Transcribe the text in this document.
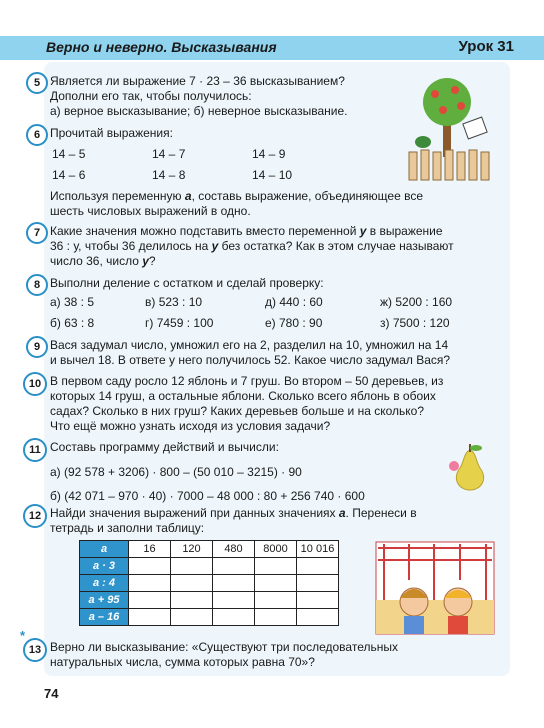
Верно и неверно. Высказывания	Урок 31
5 Является ли выражение 7 · 23 – 36 высказыванием?

Дополни его так, чтобы получилось:

а) верное высказывание; б) неверное высказывание.

6 Прочитай выражения:

14 – 5	14 – 7	14 – 9
14 – 6	14 – 8	14 – 10

Используя переменную a, составь выражение, объединяющее все

шесть числовых выражений в одно.

7 Какие значения можно подставить вместо переменной y в выражение

36 : у, чтобы 36 делилось на y без остатка? Как в этом случае называют

число 36, число y?

8 Выполни деление с остатком и сделай проверку:

а) 38 : 5	в) 523 : 10	д) 440 : 60	ж) 5200 : 160
б) 63 : 8	г) 7459 : 100	е) 780 : 90	з) 7500 : 120
9 Вася задумал число, умножил его на 2, разделил на 10, умножил на 14

и вычел 18. В ответе у него получилось 52. Какое число задумал Вася?

10 В первом саду росло 12 яблонь и 7 груш. Во втором – 50 деревьев, из

которых 14 груш, а остальные яблони. Сколько всего яблонь в обоих

садах? Сколько в них груш? Каких деревьев больше и на сколько?

Что ещё можно узнать исходя из условия задачи?

11 Составь программу действий и вычисли:

а) (92 578 + 3206) · 800 – (50 010 – 3215) · 90

б) (42 071 – 970 · 40) · 7000 – 48 000 : 80 + 256 740 · 600

12 Найди значения выражений при данных значениях a. Перенеси в

тетрадь и заполни таблицу:

a	16	120	480	8000	10 016
a · 3					
a : 4					
a + 95					
a – 16					
*
13 Верно ли высказывание: «Существуют три последовательных

натуральных числа, сумма которых равна 70»?

74
